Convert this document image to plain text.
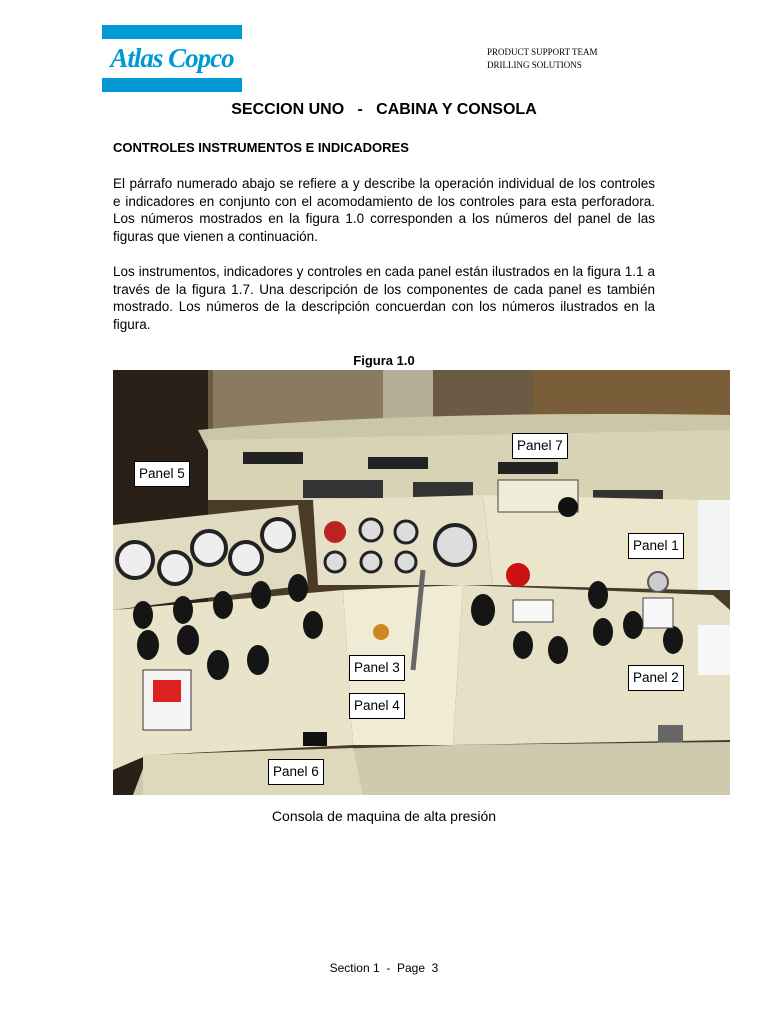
Atlas Copco	PRODUCT SUPPORT TEAM
DRILLING SOLUTIONS
SECCION UNO   -   CABINA Y CONSOLA
CONTROLES INSTRUMENTOS E INDICADORES
El párrafo numerado abajo se refiere a y describe la operación individual de los controles e indicadores en conjunto con el acomodamiento de los controles para esta perforadora. Los números mostrados en la figura 1.0 corresponden a los números del panel de las figuras que vienen a continuación.
Los instrumentos, indicadores y controles en cada panel están ilustrados en la figura 1.1 a través de la figura 1.7. Una descripción de los componentes de cada panel es también mostrado. Los números de la descripción concuerdan con los números ilustrados en la figura.
Figura 1.0
Panel 5
Panel 7
Panel 1
Panel 3
Panel 2
Panel 4
Panel 6
Consola de maquina de alta presión
Section 1  -  Page  3
